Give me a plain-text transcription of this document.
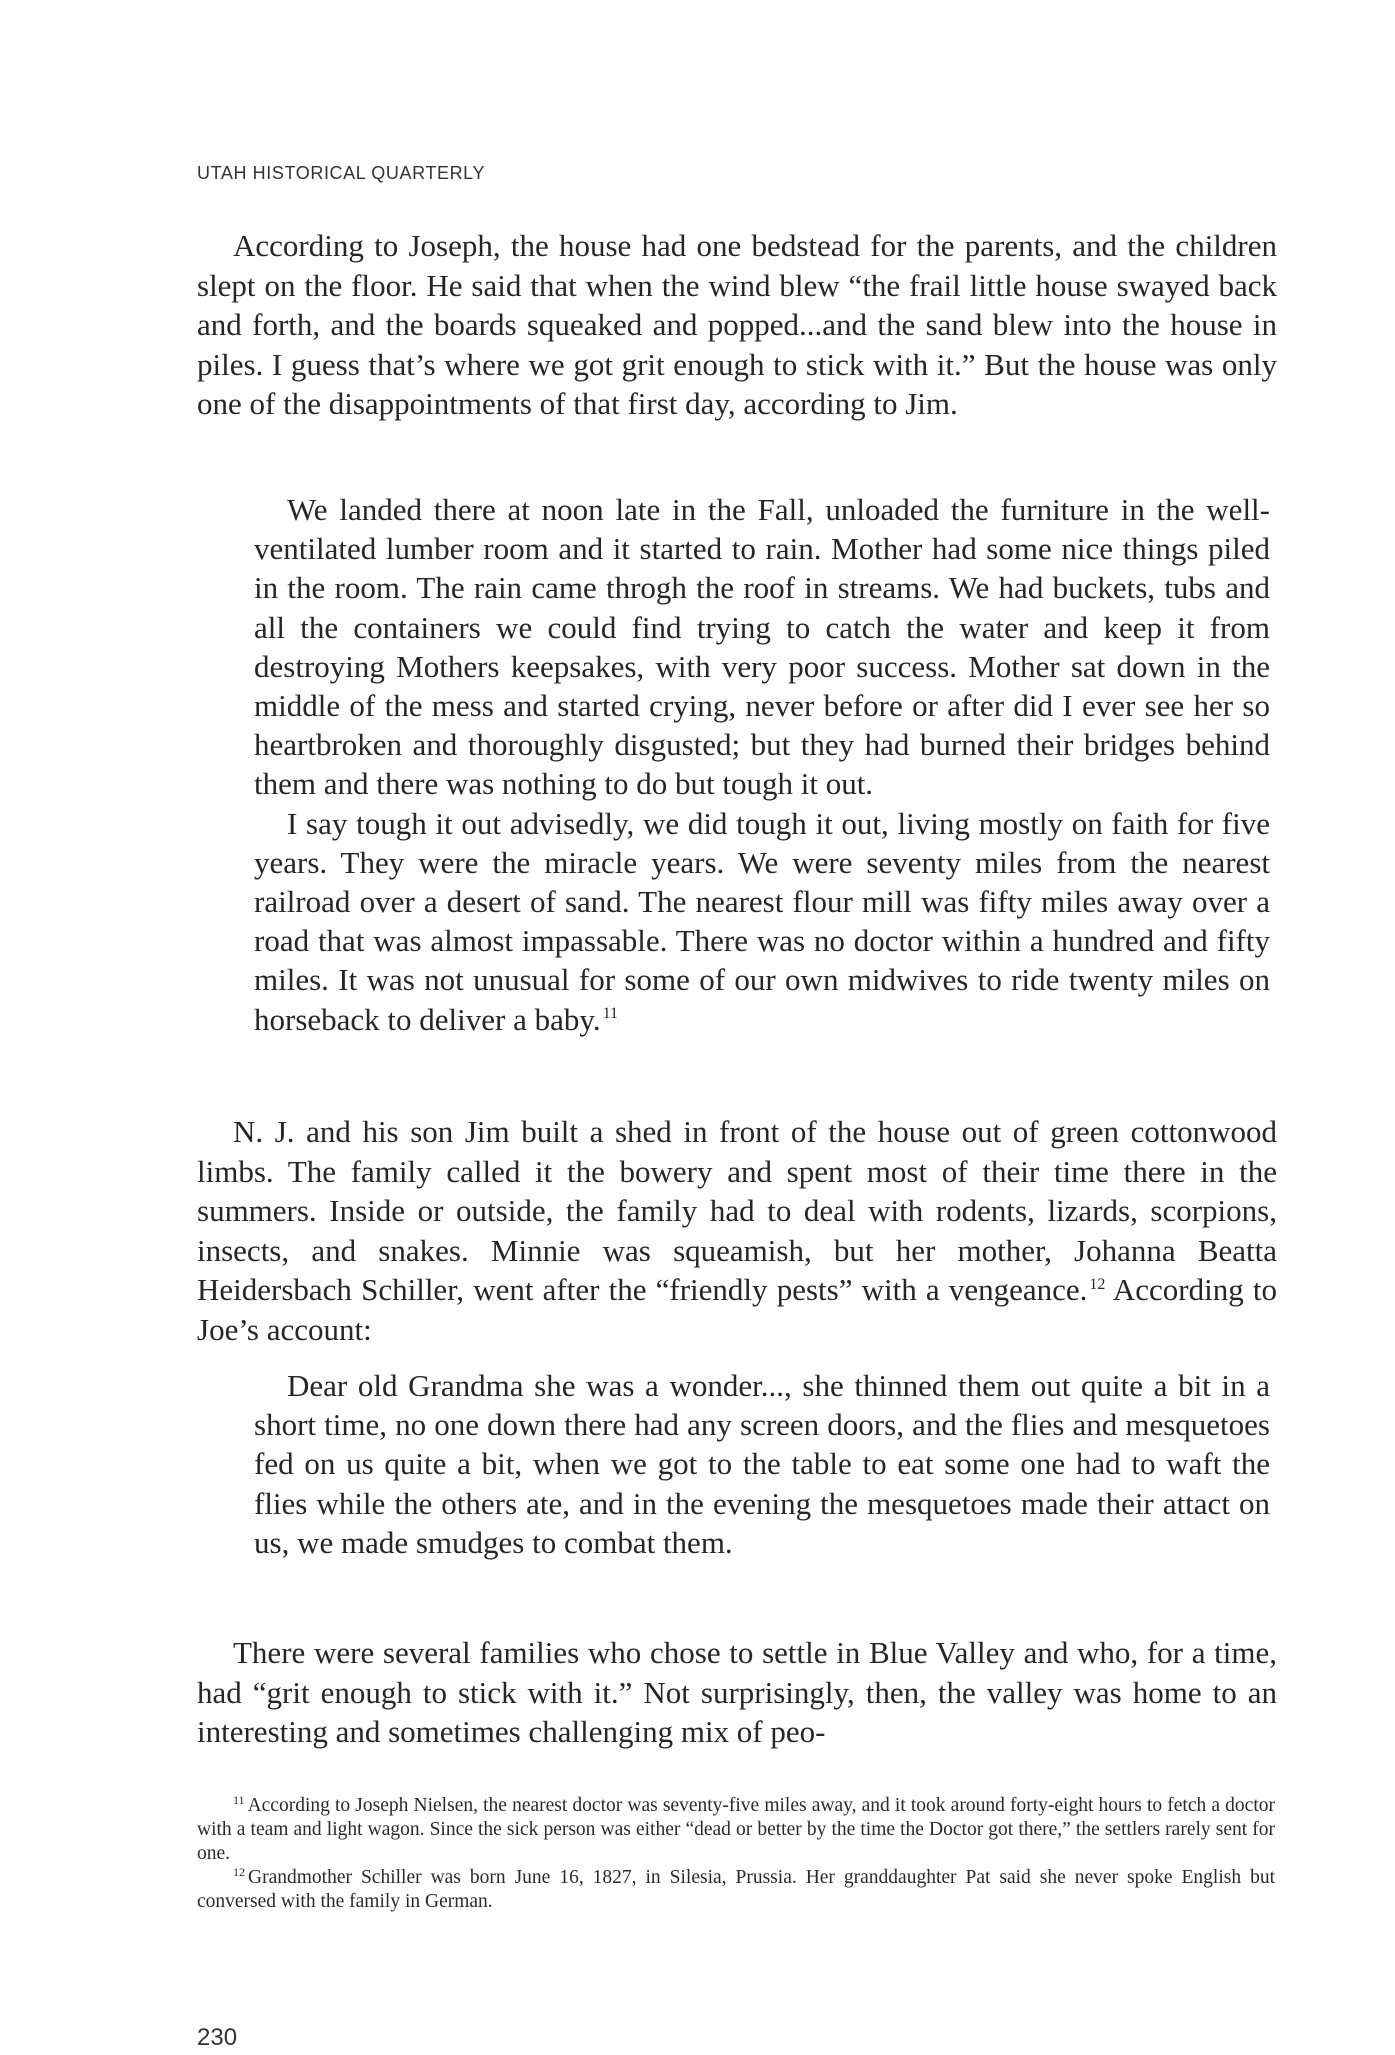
UTAH HISTORICAL QUARTERLY

According to Joseph, the house had one bedstead for the parents, and the children slept on the floor. He said that when the wind blew “the frail little house swayed back and forth, and the boards squeaked and popped...and the sand blew into the house in piles. I guess that’s where we got grit enough to stick with it.” But the house was only one of the disappointments of that first day, according to Jim.

We landed there at noon late in the Fall, unloaded the furniture in the well-ventilated lumber room and it started to rain. Mother had some nice things piled in the room. The rain came throgh the roof in streams. We had buckets, tubs and all the containers we could find trying to catch the water and keep it from destroying Mothers keepsakes, with very poor success. Mother sat down in the middle of the mess and started crying, never before or after did I ever see her so heartbroken and thoroughly disgusted; but they had burned their bridges behind them and there was nothing to do but tough it out.

I say tough it out advisedly, we did tough it out, living mostly on faith for five years. They were the miracle years. We were seventy miles from the nearest railroad over a desert of sand. The nearest flour mill was fifty miles away over a road that was almost impassable. There was no doctor within a hundred and fifty miles. It was not unusual for some of our own midwives to ride twenty miles on horseback to deliver a baby. $^{11}$

N. J. and his son Jim built a shed in front of the house out of green cottonwood limbs. The family called it the bowery and spent most of their time there in the summers. Inside or outside, the family had to deal with rodents, lizards, scorpions, insects, and snakes. Minnie was squeamish, but her mother, Johanna Beatta Heidersbach Schiller, went after the “friendly pests” with a vengeance. $^{12}$ According to Joe’s account:

Dear old Grandma she was a wonder..., she thinned them out quite a bit in a short time, no one down there had any screen doors, and the flies and mesquetoes fed on us quite a bit, when we got to the table to eat some one had to waft the flies while the others ate, and in the evening the mesquetoes made their attact on us, we made smudges to combat them.

There were several families who chose to settle in Blue Valley and who, for a time, had “grit enough to stick with it.” Not surprisingly, then, the valley was home to an interesting and sometimes challenging mix of peo-

$^{11}$ According to Joseph Nielsen, the nearest doctor was seventy-five miles away, and it took around forty-eight hours to fetch a doctor with a team and light wagon. Since the sick person was either “dead or better by the time the Doctor got there,” the settlers rarely sent for one.

$^{12}$ Grandmother Schiller was born June 16, 1827, in Silesia, Prussia. Her granddaughter Pat said she never spoke English but conversed with the family in German.

230
